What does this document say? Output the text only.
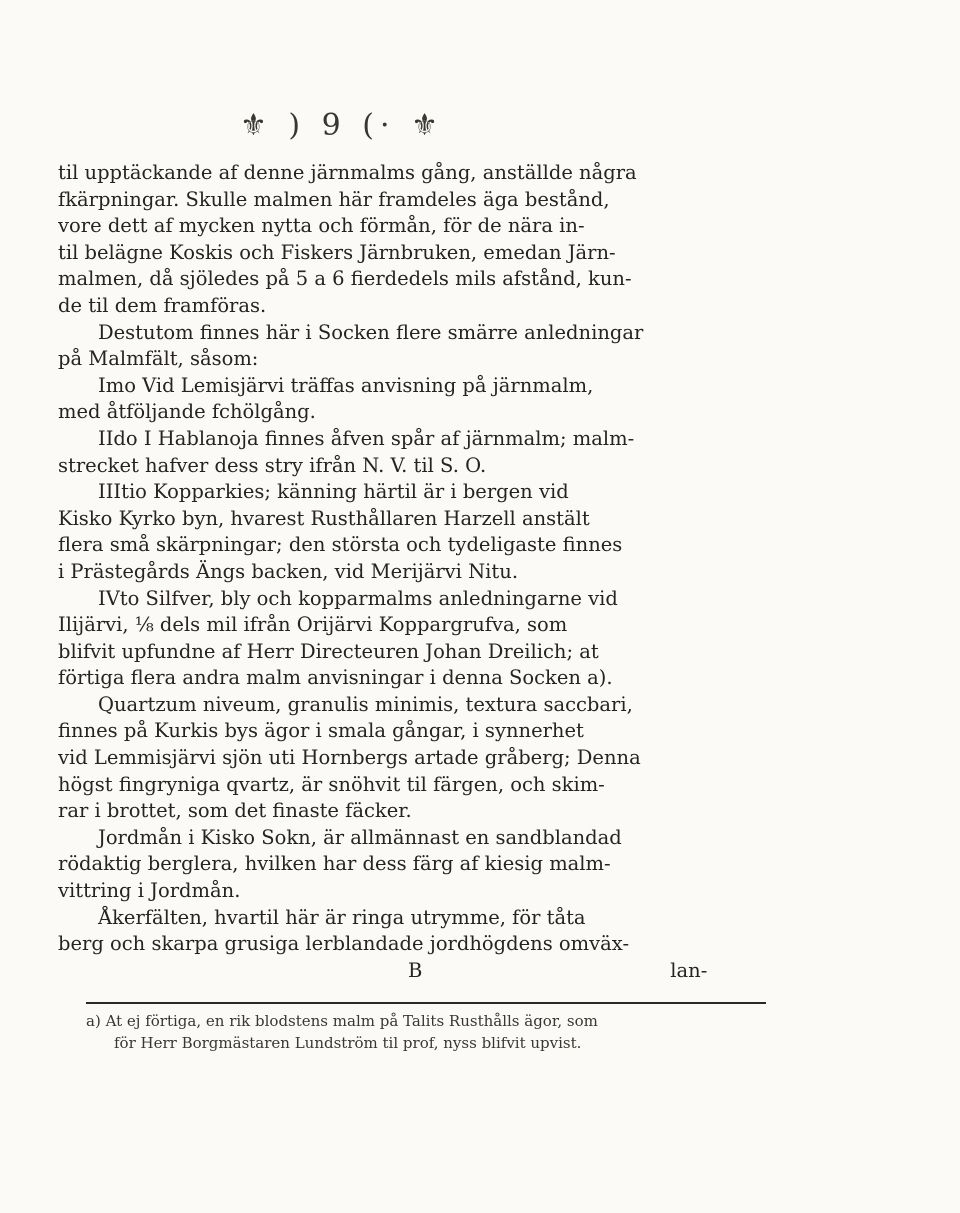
⚜ ) 9 (· ⚜
til upptäckande af denne järnmalms gång, anställde några
fkärpningar. Skulle malmen här framdeles äga bestånd,
vore dett af mycken nytta och förmån, för de nära in-
til belägne Koskis och Fiskers Järnbruken, emedan Järn-
malmen, då sjöledes på 5 a 6 fierdedels mils afstånd, kun-
de til dem framföras.
Destutom finnes här i Socken flere smärre anledningar
på Malmfält, såsom:
Imo Vid Lemisjärvi träffas anvisning på järnmalm,
med åtföljande fchölgång.
IIdo I Hablanoja finnes åfven spår af järnmalm; malm-
strecket hafver dess stry ifrån N. V. til S. O.
IIItio Kopparkies; känning härtil är i bergen vid
Kisko Kyrko byn, hvarest Rusthållaren Harzell anstält
flera små skärpningar; den största och tydeligaste finnes
i Prästegårds Ängs backen, vid Merijärvi Nitu.
IVto Silfver, bly och kopparmalms anledningarne vid
Ilijärvi, ⅛ dels mil ifrån Orijärvi Koppargrufva, som
blifvit upfundne af Herr Directeuren Johan Dreilich; at
förtiga flera andra malm anvisningar i denna Socken a).
Quartzum niveum, granulis minimis, textura saccbari,
finnes på Kurkis bys ägor i smala gångar, i synnerhet
vid Lemmisjärvi sjön uti Hornbergs artade gråberg; Denna
högst fingryniga qvartz, är snöhvit til färgen, och skim-
rar i brottet, som det finaste fäcker.
Jordmån i Kisko Sokn, är allmännast en sandblandad
rödaktig berglera, hvilken har dess färg af kiesig malm-
vittring i Jordmån.
Åkerfälten, hvartil här är ringa utrymme, för tåta
berg och skarpa grusiga lerblandade jordhögdens omväx-
B                                        lan-
a) At ej förtiga, en rik blodstens malm på Talits Rusthålls ägor, som
för Herr Borgmästaren Lundström til prof, nyss blifvit upvist.
